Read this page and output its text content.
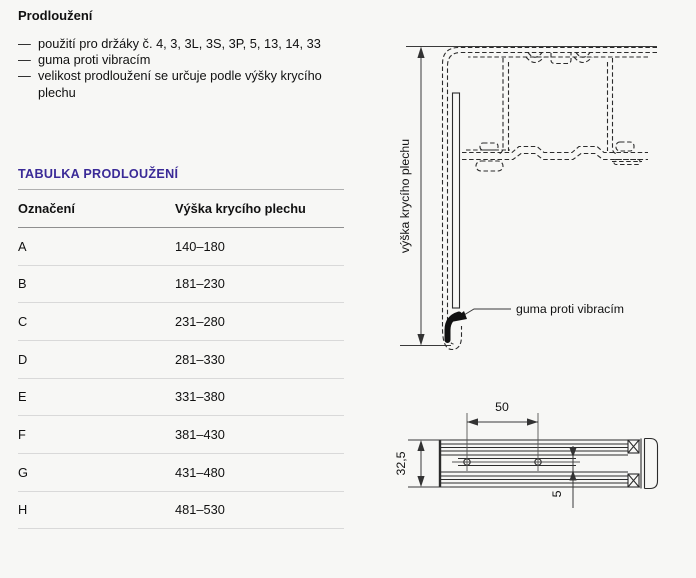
Prodloužení
— použití pro držáky č. 4, 3, 3L, 3S, 3P, 5, 13, 14, 33
— guma proti vibracím
— velikost prodloužení se určuje podle výšky krycího plechu
TABULKA PRODLOUŽENÍ
Označení	Výška krycího plechu
A	140–180
B	181–230
C	231–280
D	281–330
E	331–380
F	381–430
G	431–480
H	481–530
výška krycího plechu
guma proti vibracím
50
32,5
5
